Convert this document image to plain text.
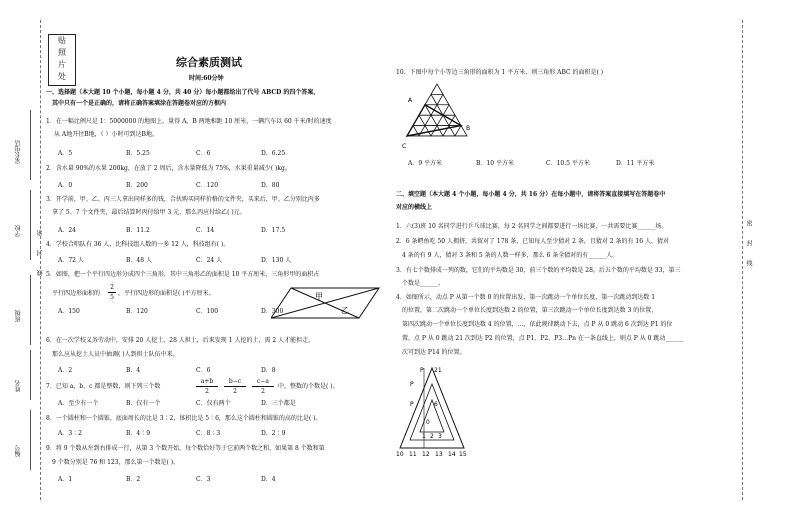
家长电话
学校
班级
姓名
编号
密
封
线
贴
照
片
处
综合素质测试
时间:60分钟
一、选择题（本大题 10 个小题，每小题 4 分，共 40 分）每小题都给出了代号 ABCD 的四个答案，
其中只有一个是正确的，请将正确答案填涂在答题卷对应的方框内
1．在一幅比例尺是 1：5000000 的地图上，量得 A、B 两地相距 10 厘米，一辆汽车以 60 千米/时的速度
从 A地开往B地，（ ）小时可到达B地。
A．5	B．5.25	C．6	D．6.25
2．含水量 90%的水果 200kg，在放了 2 周后，含水量降低为 75%，水果重量减少( )kg。
A．0	B．200	C．120	D．80
3．开学前，甲、乙、丙三人拿出同样多的钱，合伙购买同样价格的文件夹，买来后，甲、乙分别比丙多
拿了 5、7 个文件夹，最后结算时丙付给甲 3 元，那么丙应付给乙( )元。
A．24	B．11.2	C．14	D．17.5
4．学校合唱队有 36 人，比科技组人数的一多 12 人，科技组有( )。
A．72 人	B．48 人	C．24 人	D．130 人
5．如图，把一个平行四边形分成四个三角形，其中三角形乙的面积是 10 平方厘米，三角形甲的面积占
平行四边形面积的
2
5
，平行四边形的面积是( )平方厘米。	甲
乙
A．150	B．120	C．100	D．300
6．在一次学校义务劳动中，安排 20 人挖土，28 人担土，后来发现 1 人挖的土，需 2 人才能担走，
那么应从挖土人员中抽调( )人到担土队伍中来。
A．2	B．4	C．6	D．8
7．已知 a，b，c 都是整数，则下列三个数
a+b
2
b−c
2
c−a
2
中，整数的个数是( )。
A．至少有一个	B．仅有一个	C．仅有两个	D．三个都是
8．一个圆柱和一个圆锥，底面周长的比是 3∶2，体积比是 5∶6，那么这个圆柱和圆锥的高的比是( )。
A．3∶2	B．4∶9	C．8∶3	D．2∶9
9．将 9 个数从左到右排成一行，从第 3 个数开始，每个数恰好等于它前两个数之和，如果第 8 个数和第
9 个数分别是 76 和 123，那么第一个数是( )。
A．1	B．2	C．3	D．4
10．下图中每个小等边三角形的面积为 1 平方米，则三角形 ABC 的面积是( )
A
B
C
A．9 平方米	B．10 平方米	C．10.5 平方米	D．11 平方米
二、填空题（本大题 4 个小题，每小题 4 分，共 16 分）在每小题中，请将答案直接填写在答题卷中
对应的横线上
1．六(3)班 10 名同学进行乒乓球比赛，每 2 名同学之间都要进行一场比赛，一共需要比赛______场。
2．6 条鳄鱼吃 50 人拥挤，共留对了 178 条，已知每人至少猜对 2 条，且猜对 2 条的有 16 人，猜对
4 条的有 9 人，猜对 3 条和 5 条的人数一样多，那么 6 条全猜对的有______人。
3．有七个数排成一列的数，它们的平均数是 30，前三个数的平均数是 28，后五个数的平均数是 33，第三
个数是______。
4．如图所示，动点 P 从第一个数 0 的位置出发，第一次跳动一个单位长度，第一次跳动到达数 1
的位置，第二次跳动一个单位长度到达数 2 的位置，第三次跳动一个单位长度到达数 3 的位置，
第四次跳动一个单位长度到达数 4 的位置，…，依此规律跳动下去，点 P 从 0 跳动 6 次到达 P1 的位
置，点 P 从 0 跳动 21 次到达 P2 的位置，点 P1、P2、P3…Pn 在一条直线上，则点 P 从 0 跳动______
次可到达 P14 的位置。
P 21
P
P	6
0
1 2 3
10 11 12 13 14 15
密
封
线
